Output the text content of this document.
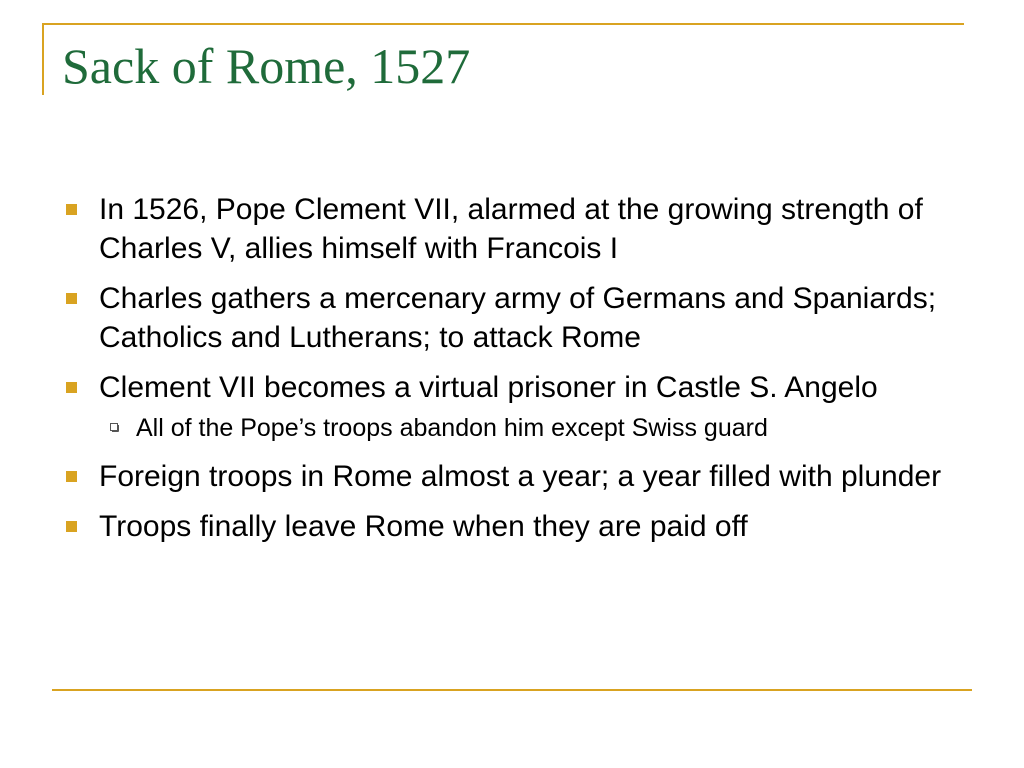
Sack of Rome, 1527
In 1526, Pope Clement VII, alarmed at the growing strength of Charles V, allies himself with Francois I
Charles gathers a mercenary army of Germans and Spaniards; Catholics and Lutherans; to attack Rome
Clement VII becomes a virtual prisoner in Castle S. Angelo
All of the Pope’s troops abandon him except Swiss guard
Foreign troops in Rome almost a year; a year filled with plunder
Troops finally leave Rome when they are paid off
